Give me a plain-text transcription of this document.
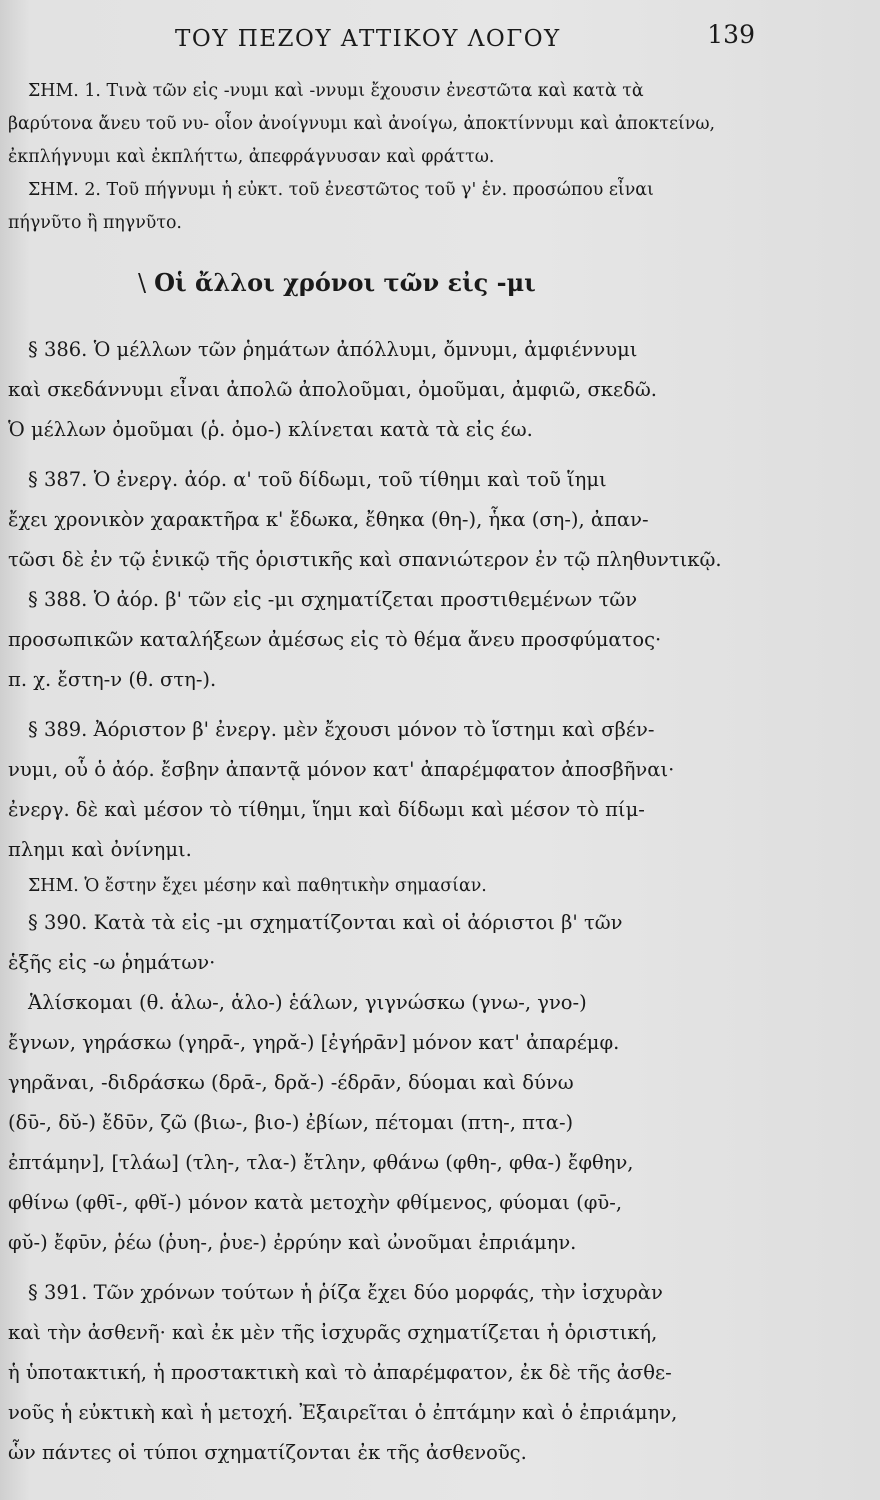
ΤΟΥ ΠΕΖΟΥ ΑΤΤΙΚΟΥ ΛΟΓΟΥ	139
ΣΗΜ. 1. Τινὰ τῶν εἰς -νυμι καὶ -ννυμι ἔχουσιν ἐνεστῶτα καὶ κατὰ τὰ
βαρύτονα ἄνευ τοῦ νυ- οἷον ἀνοίγνυμι καὶ ἀνοίγω, ἀποκτίννυμι καὶ ἀποκτείνω,
ἐκπλήγνυμι καὶ ἐκπλήττω, ἀπεφράγνυσαν καὶ φράττω.
ΣΗΜ. 2. Τοῦ πήγνυμι ἡ εὐκτ. τοῦ ἐνεστῶτος τοῦ γ' ἑν. προσώπου εἶναι
πήγνῦτο ἢ πηγνῦτο.
\ Οἱ ἄλλοι χρόνοι τῶν εἰς -μι
§ 386. Ὁ μέλλων τῶν ῥημάτων ἀπόλλυμι, ὄμνυμι, ἀμφιέννυμι
καὶ σκεδάννυμι εἶναι ἀπολῶ ἀπολοῦμαι, ὀμοῦμαι, ἀμφιῶ, σκεδῶ.
Ὁ μέλλων ὀμοῦμαι (ῥ. ὀμο-) κλίνεται κατὰ τὰ εἰς έω.
§ 387. Ὁ ἐνεργ. ἀόρ. α' τοῦ δίδωμι, τοῦ τίθημι καὶ τοῦ ἵημι
ἔχει χρονικὸν χαρακτῆρα κ' ἔδωκα, ἔθηκα (θη-), ἧκα (ση-), ἀπαν-
τῶσι δὲ ἐν τῷ ἑνικῷ τῆς ὁριστικῆς καὶ σπανιώτερον ἐν τῷ πληθυντικῷ.
§ 388. Ὁ ἀόρ. β' τῶν εἰς -μι σχηματίζεται προστιθεμένων τῶν
προσωπικῶν καταλήξεων ἀμέσως εἰς τὸ θέμα ἄνευ προσφύματος·
π. χ. ἔστη-ν (θ. στη-).
§ 389. Ἀόριστον β' ἐνεργ. μὲν ἔχουσι μόνον τὸ ἵστημι καὶ σβέν-
νυμι, οὗ ὁ ἀόρ. ἔσβην ἀπαντᾷ μόνον κατ' ἀπαρέμφατον ἀποσβῆναι·
ἐνεργ. δὲ καὶ μέσον τὸ τίθημι, ἵημι καὶ δίδωμι καὶ μέσον τὸ πίμ-
πλημι καὶ ὀνίνημι.
ΣΗΜ. Ὁ ἔστην ἔχει μέσην καὶ παθητικὴν σημασίαν.
§ 390. Κατὰ τὰ εἰς -μι σχηματίζονται καὶ οἱ ἀόριστοι β' τῶν
ἑξῆς εἰς -ω ῥημάτων·
Ἁλίσκομαι (θ. ἁλω-, ἁλο-) ἑάλων, γιγνώσκω (γνω-, γνο-)
ἔγνων, γηράσκω (γηρᾱ-, γηρᾰ-) [ἐγήρᾱν] μόνον κατ' ἀπαρέμφ.
γηρᾶναι, -διδράσκω (δρᾱ-, δρᾰ-) -έδρᾱν, δύομαι καὶ δύνω
(δῡ-, δῠ-) ἔδῡν, ζῶ (βιω-, βιο-) ἐβίων, πέτομαι (πτη-, πτα-)
ἐπτάμην], [τλάω] (τλη-, τλα-) ἔτλην, φθάνω (φθη-, φθα-) ἔφθην,
φθίνω (φθῑ-, φθῐ-) μόνον κατὰ μετοχὴν φθίμενος, φύομαι (φῡ-,
φῠ-) ἔφῡν, ῥέω (ῥυη-, ῥυε-) ἐρρύην καὶ ὠνοῦμαι ἐπριάμην.
§ 391. Τῶν χρόνων τούτων ἡ ῥίζα ἔχει δύο μορφάς, τὴν ἰσχυρὰν
καὶ τὴν ἀσθενῆ· καὶ ἐκ μὲν τῆς ἰσχυρᾶς σχηματίζεται ἡ ὁριστική,
ἡ ὑποτακτική, ἡ προστακτικὴ καὶ τὸ ἀπαρέμφατον, ἐκ δὲ τῆς ἀσθε-
νοῦς ἡ εὐκτικὴ καὶ ἡ μετοχή. Ἐξαιρεῖται ὁ ἐπτάμην καὶ ὁ ἐπριάμην,
ὧν πάντες οἱ τύποι σχηματίζονται ἐκ τῆς ἀσθενοῦς.
